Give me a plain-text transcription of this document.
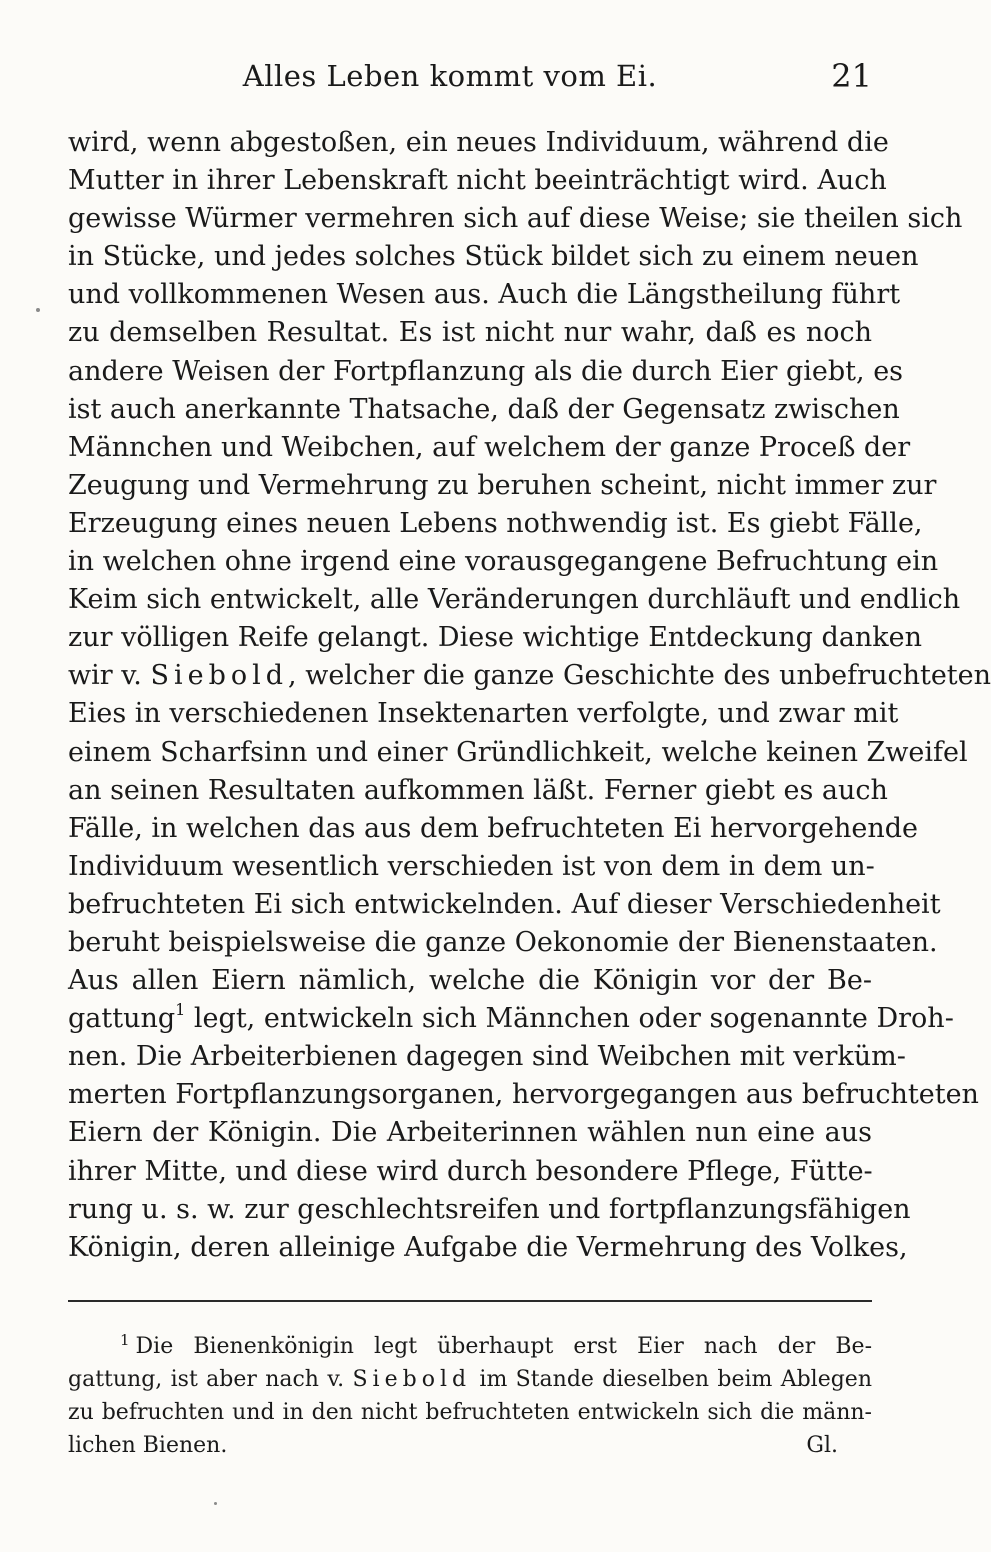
Alles Leben kommt vom Ei.	21
wird, wenn abgestoßen, ein neues Individuum, während die
Mutter in ihrer Lebenskraft nicht beeinträchtigt wird. Auch
gewisse Würmer vermehren sich auf diese Weise; sie theilen sich
in Stücke, und jedes solches Stück bildet sich zu einem neuen
und vollkommenen Wesen aus. Auch die Längstheilung führt
zu demselben Resultat. Es ist nicht nur wahr, daß es noch
andere Weisen der Fortpflanzung als die durch Eier giebt, es
ist auch anerkannte Thatsache, daß der Gegensatz zwischen
Männchen und Weibchen, auf welchem der ganze Proceß der
Zeugung und Vermehrung zu beruhen scheint, nicht immer zur
Erzeugung eines neuen Lebens nothwendig ist. Es giebt Fälle,
in welchen ohne irgend eine vorausgegangene Befruchtung ein
Keim sich entwickelt, alle Veränderungen durchläuft und endlich
zur völligen Reife gelangt. Diese wichtige Entdeckung danken
wir v. Siebold, welcher die ganze Geschichte des unbefruchteten
Eies in verschiedenen Insektenarten verfolgte, und zwar mit
einem Scharfsinn und einer Gründlichkeit, welche keinen Zweifel
an seinen Resultaten aufkommen läßt. Ferner giebt es auch
Fälle, in welchen das aus dem befruchteten Ei hervorgehende
Individuum wesentlich verschieden ist von dem in dem un-
befruchteten Ei sich entwickelnden. Auf dieser Verschiedenheit
beruht beispielsweise die ganze Oekonomie der Bienenstaaten.
Aus allen Eiern nämlich, welche die Königin vor der Be-
gattung$^1$ legt, entwickeln sich Männchen oder sogenannte Droh-
nen. Die Arbeiterbienen dagegen sind Weibchen mit verküm-
merten Fortpflanzungsorganen, hervorgegangen aus befruchteten
Eiern der Königin. Die Arbeiterinnen wählen nun eine aus
ihrer Mitte, und diese wird durch besondere Pflege, Fütte-
rung u. s. w. zur geschlechtsreifen und fortpflanzungsfähigen
Königin, deren alleinige Aufgabe die Vermehrung des Volkes,
$^1$ Die Bienenkönigin legt überhaupt erst Eier nach der Be-
gattung, ist aber nach v. Siebold im Stande dieselben beim Ablegen
zu befruchten und in den nicht befruchteten entwickeln sich die männ-
lichen Bienen.	Gl.
